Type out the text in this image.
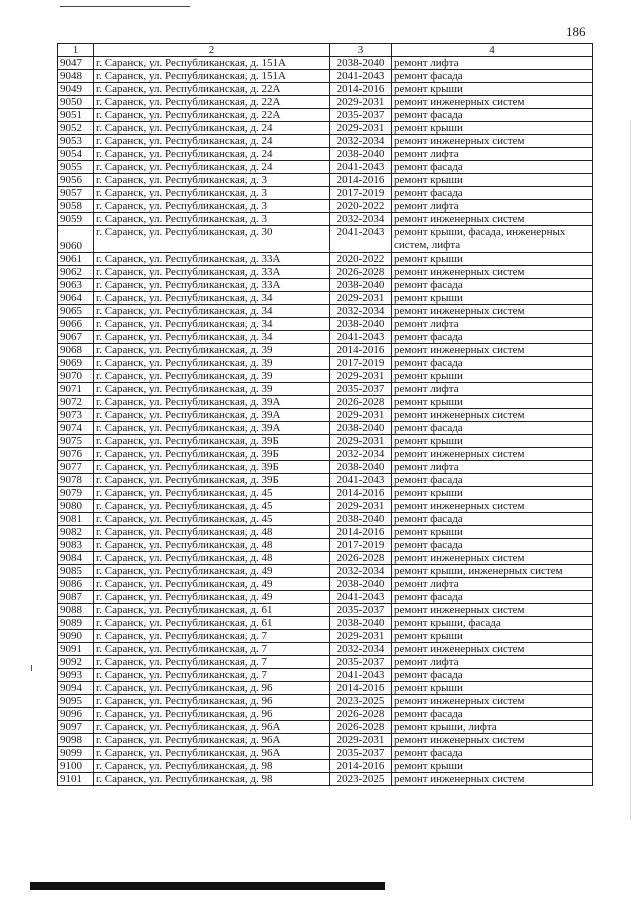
186
1	2	3	4
9047	г. Саранск, ул. Республиканская, д. 151А	2038-2040	ремонт лифта
9048	г. Саранск, ул. Республиканская, д. 151А	2041-2043	ремонт фасада
9049	г. Саранск, ул. Республиканская, д. 22А	2014-2016	ремонт крыши
9050	г. Саранск, ул. Республиканская, д. 22А	2029-2031	ремонт инженерных систем
9051	г. Саранск, ул. Республиканская, д. 22А	2035-2037	ремонт фасада
9052	г. Саранск, ул. Республиканская, д. 24	2029-2031	ремонт крыши
9053	г. Саранск, ул. Республиканская, д. 24	2032-2034	ремонт инженерных систем
9054	г. Саранск, ул. Республиканская, д. 24	2038-2040	ремонт лифта
9055	г. Саранск, ул. Республиканская, д. 24	2041-2043	ремонт фасада
9056	г. Саранск, ул. Республиканская, д. 3	2014-2016	ремонт крыши
9057	г. Саранск, ул. Республиканская, д. 3	2017-2019	ремонт фасада
9058	г. Саранск, ул. Республиканская, д. 3	2020-2022	ремонт лифта
9059	г. Саранск, ул. Республиканская, д. 3	2032-2034	ремонт инженерных систем
9060	г. Саранск, ул. Республиканская, д. 30	2041-2043	ремонт крыши, фасада, инженерных систем, лифта
9061	г. Саранск, ул. Республиканская, д. 33А	2020-2022	ремонт крыши
9062	г. Саранск, ул. Республиканская, д. 33А	2026-2028	ремонт инженерных систем
9063	г. Саранск, ул. Республиканская, д. 33А	2038-2040	ремонт фасада
9064	г. Саранск, ул. Республиканская, д. 34	2029-2031	ремонт крыши
9065	г. Саранск, ул. Республиканская, д. 34	2032-2034	ремонт инженерных систем
9066	г. Саранск, ул. Республиканская, д. 34	2038-2040	ремонт лифта
9067	г. Саранск, ул. Республиканская, д. 34	2041-2043	ремонт фасада
9068	г. Саранск, ул. Республиканская, д. 39	2014-2016	ремонт инженерных систем
9069	г. Саранск, ул. Республиканская, д. 39	2017-2019	ремонт фасада
9070	г. Саранск, ул. Республиканская, д. 39	2029-2031	ремонт крыши
9071	г. Саранск, ул. Республиканская, д. 39	2035-2037	ремонт лифта
9072	г. Саранск, ул. Республиканская, д. 39А	2026-2028	ремонт крыши
9073	г. Саранск, ул. Республиканская, д. 39А	2029-2031	ремонт инженерных систем
9074	г. Саранск, ул. Республиканская, д. 39А	2038-2040	ремонт фасада
9075	г. Саранск, ул. Республиканская, д. 39Б	2029-2031	ремонт крыши
9076	г. Саранск, ул. Республиканская, д. 39Б	2032-2034	ремонт инженерных систем
9077	г. Саранск, ул. Республиканская, д. 39Б	2038-2040	ремонт лифта
9078	г. Саранск, ул. Республиканская, д. 39Б	2041-2043	ремонт фасада
9079	г. Саранск, ул. Республиканская, д. 45	2014-2016	ремонт крыши
9080	г. Саранск, ул. Республиканская, д. 45	2029-2031	ремонт инженерных систем
9081	г. Саранск, ул. Республиканская, д. 45	2038-2040	ремонт фасада
9082	г. Саранск, ул. Республиканская, д. 48	2014-2016	ремонт крыши
9083	г. Саранск, ул. Республиканская, д. 48	2017-2019	ремонт фасада
9084	г. Саранск, ул. Республиканская, д. 48	2026-2028	ремонт инженерных систем
9085	г. Саранск, ул. Республиканская, д. 49	2032-2034	ремонт крыши, инженерных систем
9086	г. Саранск, ул. Республиканская, д. 49	2038-2040	ремонт лифта
9087	г. Саранск, ул. Республиканская, д. 49	2041-2043	ремонт фасада
9088	г. Саранск, ул. Республиканская, д. 61	2035-2037	ремонт инженерных систем
9089	г. Саранск, ул. Республиканская, д. 61	2038-2040	ремонт крыши, фасада
9090	г. Саранск, ул. Республиканская, д. 7	2029-2031	ремонт крыши
9091	г. Саранск, ул. Республиканская, д. 7	2032-2034	ремонт инженерных систем
9092	г. Саранск, ул. Республиканская, д. 7	2035-2037	ремонт лифта
9093	г. Саранск, ул. Республиканская, д. 7	2041-2043	ремонт фасада
9094	г. Саранск, ул. Республиканская, д. 96	2014-2016	ремонт крыши
9095	г. Саранск, ул. Республиканская, д. 96	2023-2025	ремонт инженерных систем
9096	г. Саранск, ул. Республиканская, д. 96	2026-2028	ремонт фасада
9097	г. Саранск, ул. Республиканская, д. 96А	2026-2028	ремонт крыши, лифта
9098	г. Саранск, ул. Республиканская, д. 96А	2029-2031	ремонт инженерных систем
9099	г. Саранск, ул. Республиканская, д. 96А	2035-2037	ремонт фасада
9100	г. Саранск, ул. Республиканская, д. 98	2014-2016	ремонт крыши
9101	г. Саранск, ул. Республиканская, д. 98	2023-2025	ремонт инженерных систем
